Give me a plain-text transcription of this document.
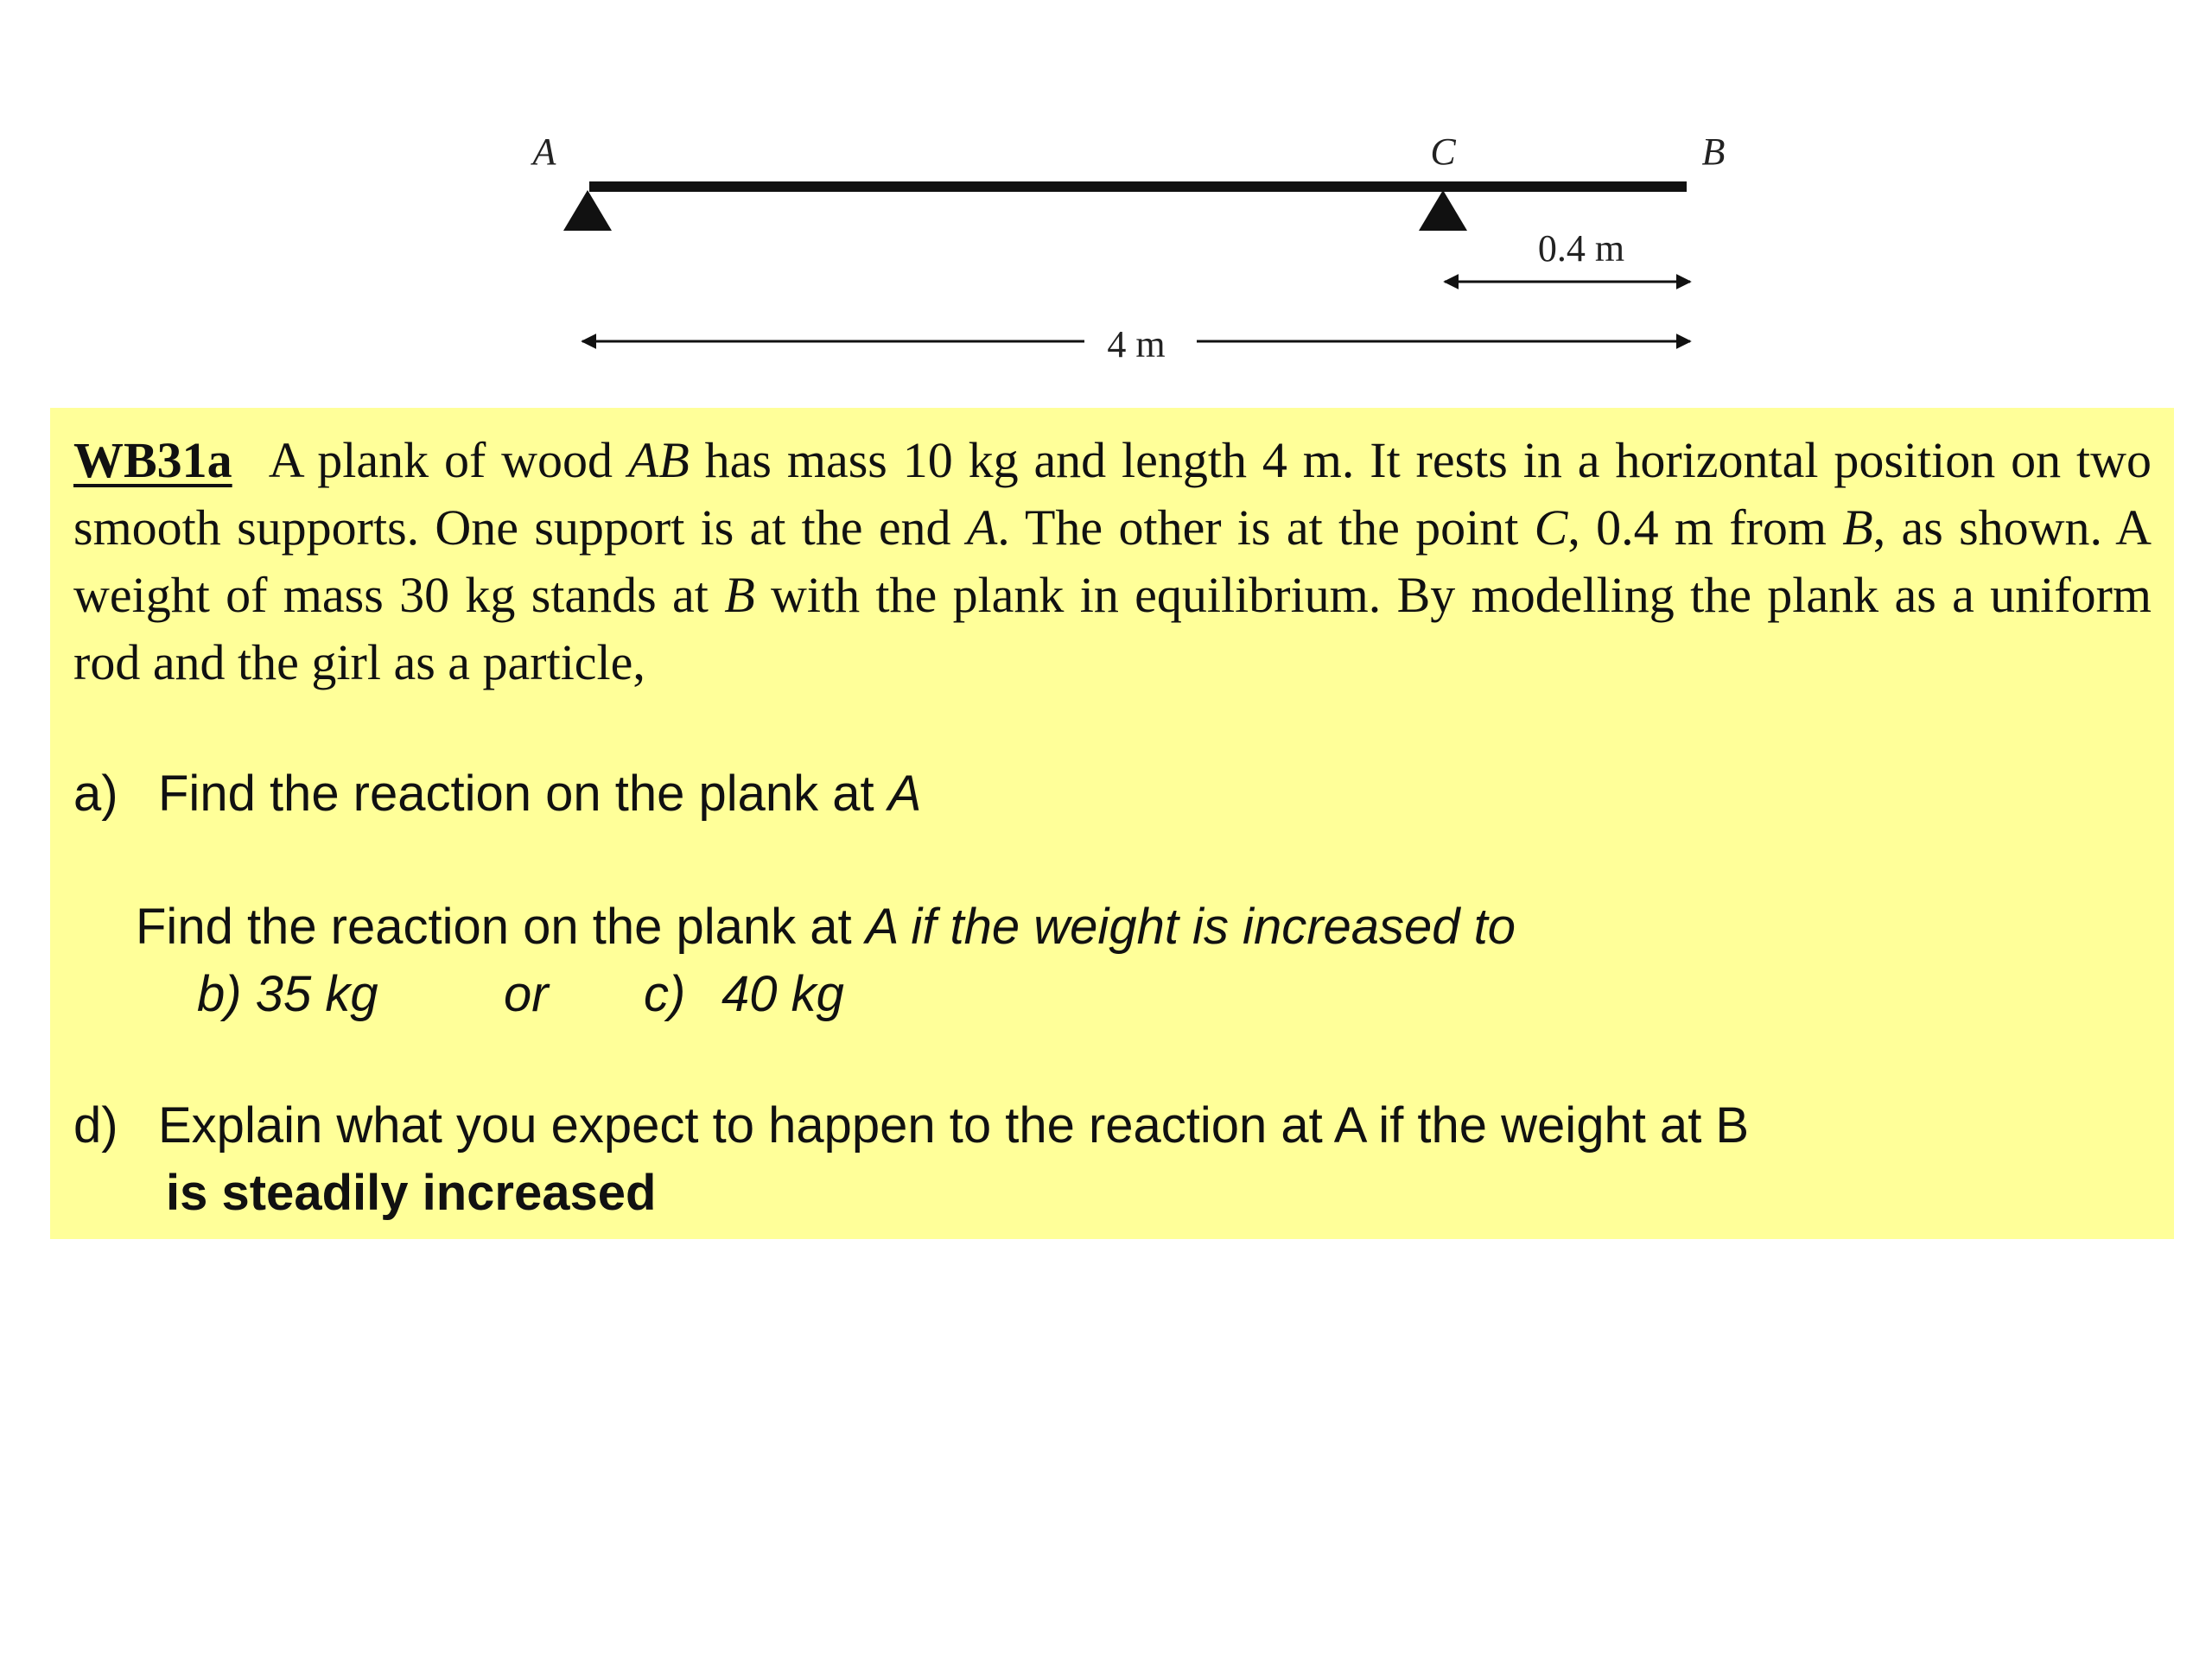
A	C	B
0.4 m
4 m

WB31a A plank of wood AB has mass 10 kg and length 4 m. It rests in a horizontal position on two smooth supports. One support is at the end A. The other is at the point C, 0.4 m from B, as shown. A weight of mass 30 kg stands at B with the plank in equilibrium. By modelling the plank as a uniform rod and the girl as a particle,

a) Find the reaction on the plank at A

Find the reaction on the plank at A if the weight is increased to

b) 35 kg	or c) 40 kg

d) Explain what you expect to happen to the reaction at A if the weight at B

is steadily increased
